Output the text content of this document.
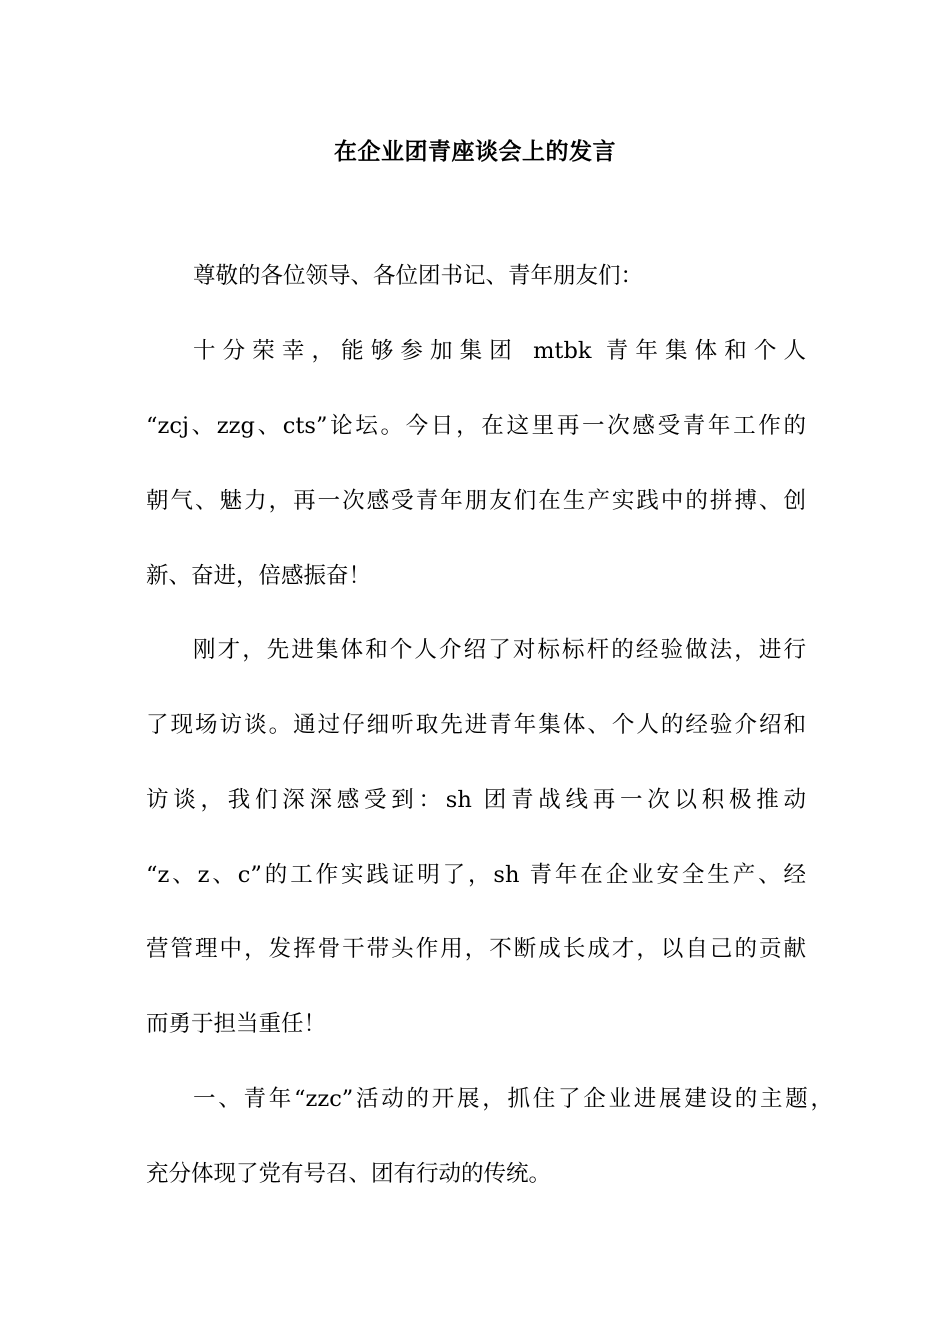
在企业团青座谈会上的发言
尊敬的各位领导、各位团书记、青年朋友们：
十分荣幸，能够参加集团 mtbk 青年集体和个人
“zcj、zzg、cts”论坛。今日，在这里再一次感受青年工作的
朝气、魅力，再一次感受青年朋友们在生产实践中的拼搏、创
新、奋进，倍感振奋！
刚才，先进集体和个人介绍了对标标杆的经验做法，进行
了现场访谈。通过仔细听取先进青年集体、个人的经验介绍和
访谈，我们深深感受到：sh 团青战线再一次以积极推动
“z、z、c”的工作实践证明了，sh 青年在企业安全生产、经
营管理中，发挥骨干带头作用，不断成长成才，以自己的贡献
而勇于担当重任！
一、青年“zzc”活动的开展，抓住了企业进展建设的主题，
充分体现了党有号召、团有行动的传统。
